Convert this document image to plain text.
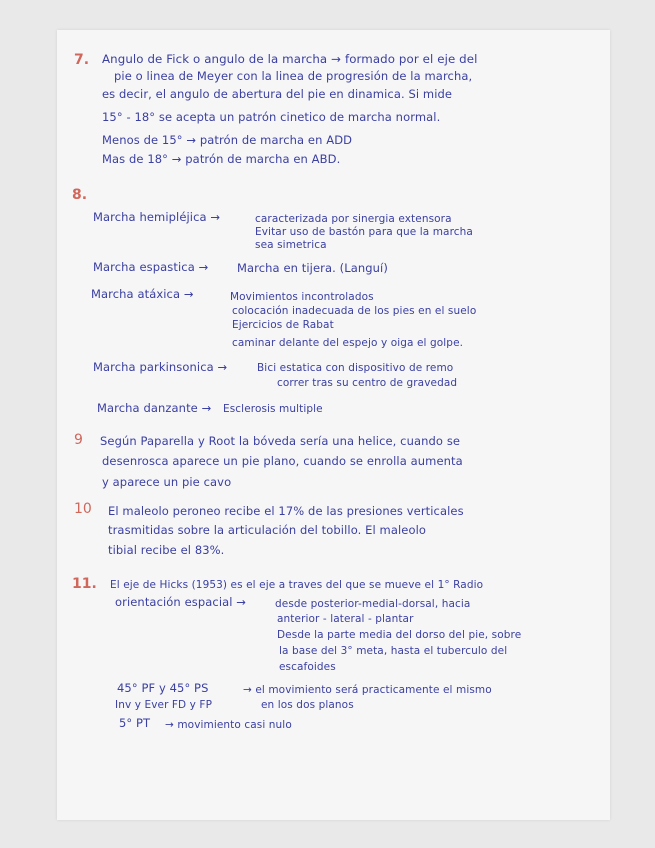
7. Angulo de Fick o angulo de la marcha → formado por el eje del
pie o linea de Meyer con la linea de progresión de la marcha,
es decir, el angulo de abertura del pie en dinamica. Si mide
15° - 18° se acepta un patrón cinetico de marcha normal.
Menos de 15° → patrón de marcha en ADD
Mas de 18° → patrón de marcha en ABD.
8.
Marcha hemipléjica →	caracterizada por sinergia extensora
Evitar uso de bastón para que la marcha
sea simetrica
Marcha espastica → Marcha en tijera. (Languí)
Marcha atáxica →	Movimientos incontrolados
colocación inadecuada de los pies en el suelo
Ejercicios de Rabat
caminar delante del espejo y oiga el golpe.
Marcha parkinsonica →	Bici estatica con dispositivo de remo
correr tras su centro de gravedad
Marcha danzante → Esclerosis multiple
9 Según Paparella y Root la bóveda sería una helice, cuando se
desenrosca aparece un pie plano, cuando se enrolla aumenta
y aparece un pie cavo
10 El maleolo peroneo recibe el 17% de las presiones verticales
trasmitidas sobre la articulación del tobillo. El maleolo
tibial recibe el 83%.
11. El eje de Hicks (1953) es el eje a traves del que se mueve el 1° Radio
orientación espacial →	desde posterior-medial-dorsal, hacia
anterior - lateral - plantar
Desde la parte media del dorso del pie, sobre
la base del 3° meta, hasta el tuberculo del
escafoides
45° PF y 45° PS	→ el movimiento será practicamente el mismo
Inv y Ever FD y FP	en los dos planos
5° PT → movimiento casi nulo
